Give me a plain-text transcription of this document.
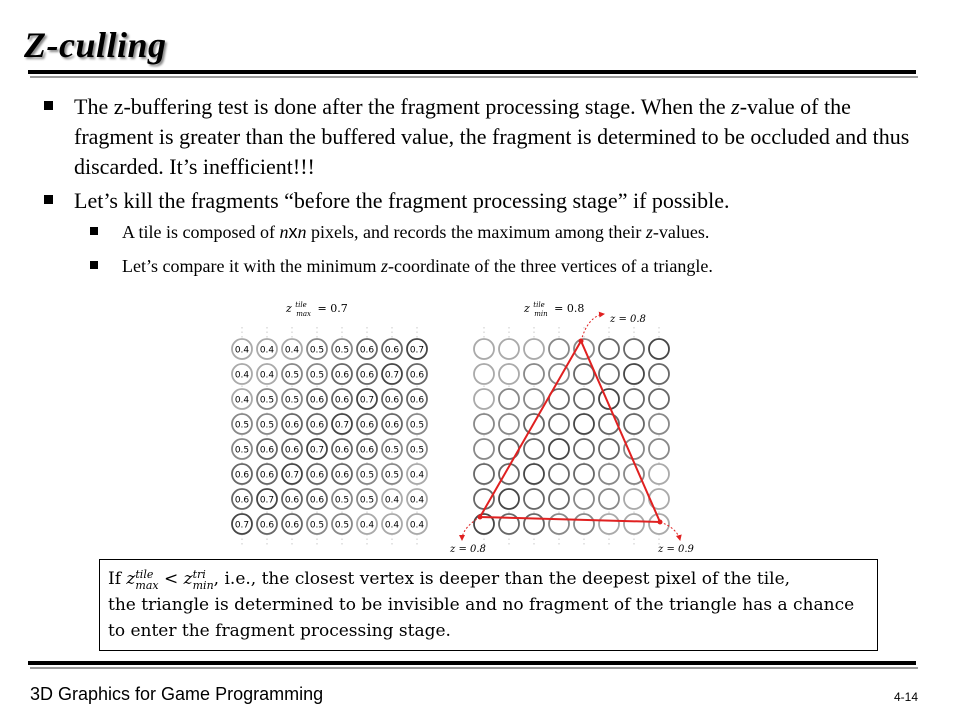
Z-culling
The z-buffering test is done after the fragment processing stage. When the z-value of the fragment is greater than the buffered value, the fragment is determined to be occluded and thus discarded. It’s inefficient!!!
Let’s kill the fragments “before the fragment processing stage” if possible.
A tile is composed of nxn pixels, and records the maximum among their z-values.
Let’s compare it with the minimum z-coordinate of the three vertices of a triangle.
z $^{tile}$ max = 0.7	z $^{tile}$ min = 0.8
0.4 0.4 0.4 0.5 0.5 0.6 0.6 0.7
0.4 0.4 0.5 0.5 0.6 0.6 0.7 0.6
0.4 0.5 0.5 0.6 0.6 0.7 0.6 0.6
0.5 0.5 0.6 0.6 0.7 0.6 0.6 0.5
0.5 0.6 0.6 0.7 0.6 0.6 0.5 0.5
0.6 0.6 0.7 0.6 0.6 0.5 0.5 0.4
0.6 0.7 0.6 0.6 0.5 0.5 0.4 0.4
0.7 0.6 0.6 0.5 0.5 0.4 0.4 0.4
z = 0.8
z = 0.8	z = 0.9
If z tile
max < z tri
min , i.e., the closest vertex is deeper than the deepest pixel of the tile,
the triangle is determined to be invisible and no fragment of the triangle has a chance
to enter the fragment processing stage.
3D Graphics for Game Programming	4-14
